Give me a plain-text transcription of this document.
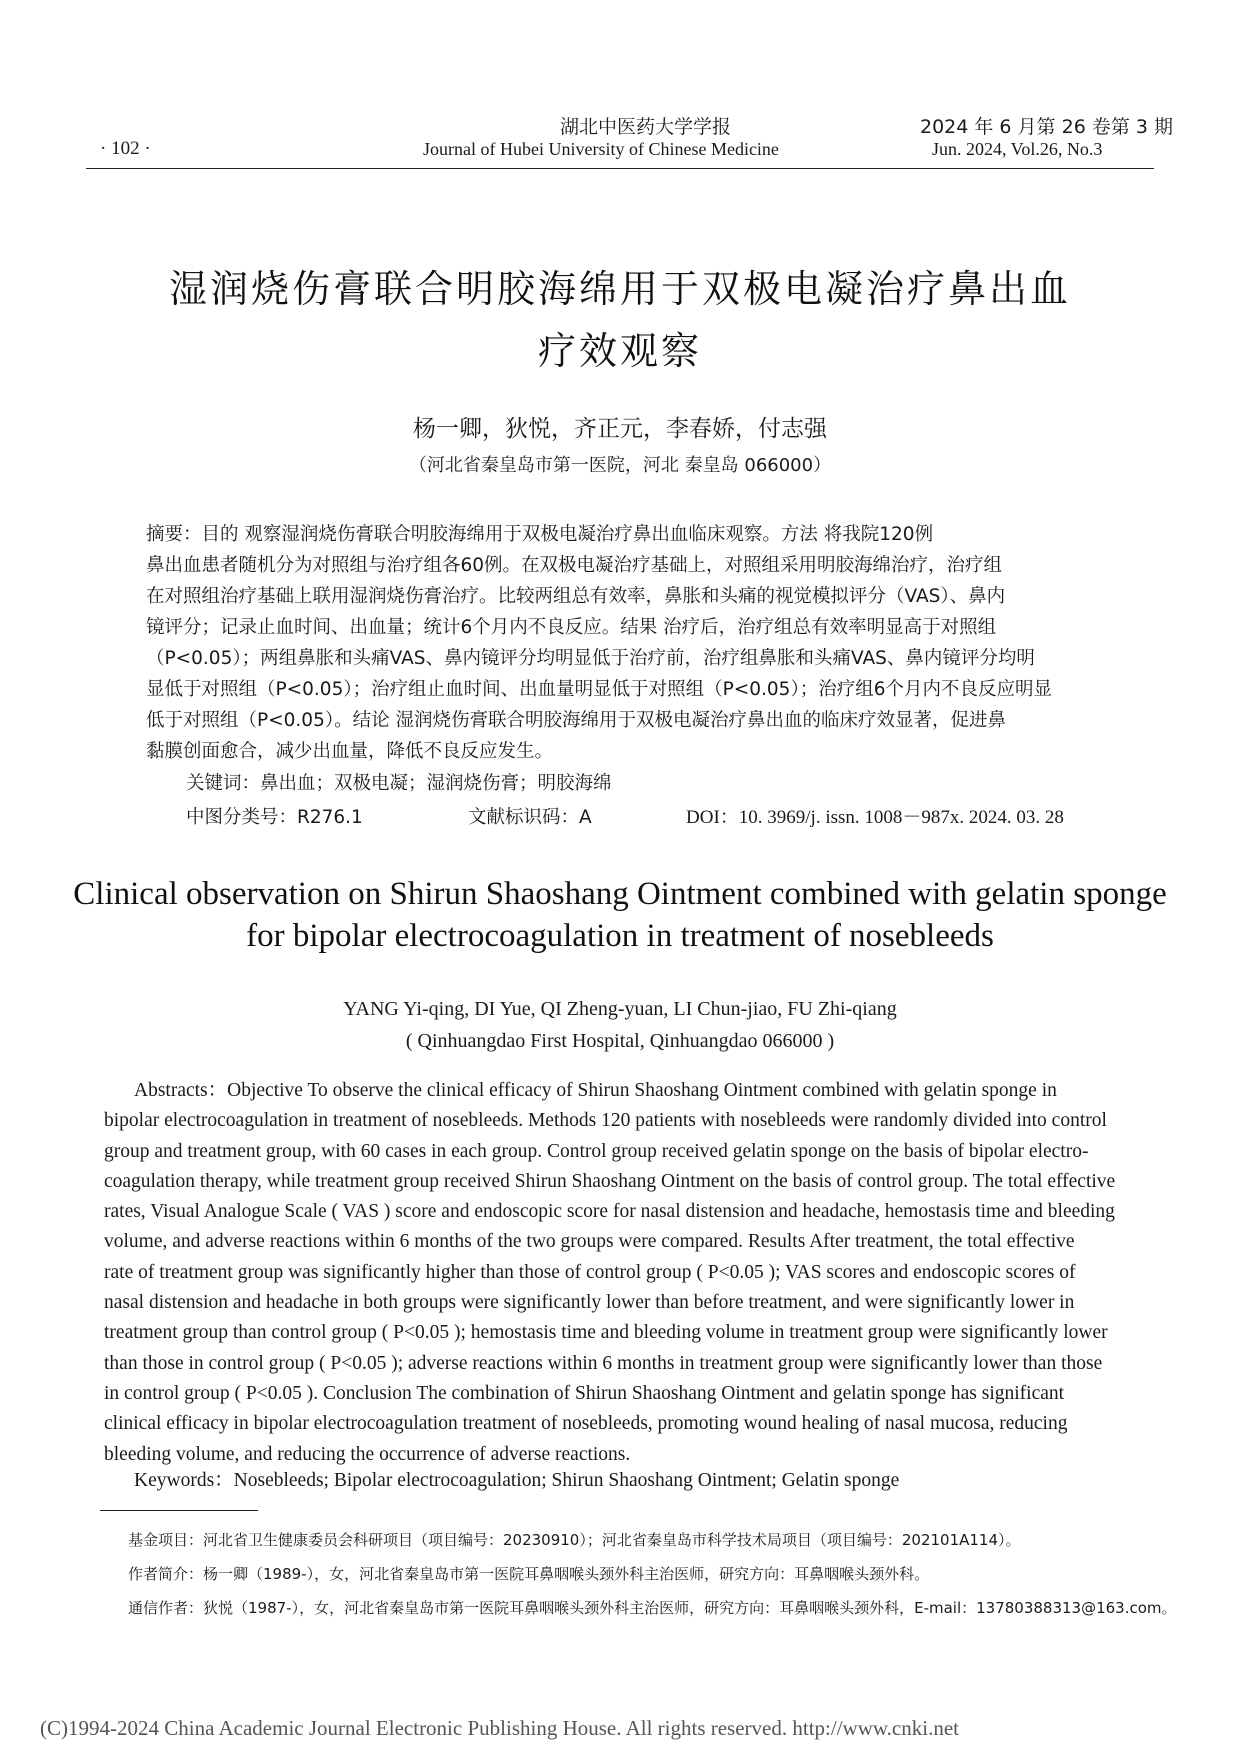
· 102 ·
湖北中医药大学学报
Journal of Hubei University of Chinese Medicine
2024 年 6 月第 26 卷第 3 期
Jun. 2024, Vol.26, No.3
湿润烧伤膏联合明胶海绵用于双极电凝治疗鼻出血
疗效观察
杨一卿，狄悦，齐正元，李春娇，付志强
（河北省秦皇岛市第一医院，河北 秦皇岛 066000）
摘要：目的 观察湿润烧伤膏联合明胶海绵用于双极电凝治疗鼻出血临床观察。方法 将我院120例
鼻出血患者随机分为对照组与治疗组各60例。在双极电凝治疗基础上，对照组采用明胶海绵治疗，治疗组
在对照组治疗基础上联用湿润烧伤膏治疗。比较两组总有效率，鼻胀和头痛的视觉模拟评分（VAS）、鼻内
镜评分；记录止血时间、出血量；统计6个月内不良反应。结果 治疗后，治疗组总有效率明显高于对照组
（P<0.05）；两组鼻胀和头痛VAS、鼻内镜评分均明显低于治疗前，治疗组鼻胀和头痛VAS、鼻内镜评分均明
显低于对照组（P<0.05）；治疗组止血时间、出血量明显低于对照组（P<0.05）；治疗组6个月内不良反应明显
低于对照组（P<0.05）。结论 湿润烧伤膏联合明胶海绵用于双极电凝治疗鼻出血的临床疗效显著，促进鼻
黏膜创面愈合，减少出血量，降低不良反应发生。
关键词：鼻出血；双极电凝；湿润烧伤膏；明胶海绵
中图分类号：R276.1	文献标识码：A	DOI：10. 3969/j. issn. 1008－987x. 2024. 03. 28
Clinical observation on Shirun Shaoshang Ointment combined with gelatin sponge
for bipolar electrocoagulation in treatment of nosebleeds
YANG Yi-qing, DI Yue, QI Zheng-yuan, LI Chun-jiao, FU Zhi-qiang
( Qinhuangdao First Hospital, Qinhuangdao 066000 )
Abstracts：Objective To observe the clinical efficacy of Shirun Shaoshang Ointment combined with gelatin sponge in
bipolar electrocoagulation in treatment of nosebleeds. Methods 120 patients with nosebleeds were randomly divided into control
group and treatment group, with 60 cases in each group. Control group received gelatin sponge on the basis of bipolar electro-
coagulation therapy, while treatment group received Shirun Shaoshang Ointment on the basis of control group. The total effective
rates, Visual Analogue Scale ( VAS ) score and endoscopic score for nasal distension and headache, hemostasis time and bleeding
volume, and adverse reactions within 6 months of the two groups were compared. Results After treatment, the total effective
rate of treatment group was significantly higher than those of control group ( P<0.05 ); VAS scores and endoscopic scores of
nasal distension and headache in both groups were significantly lower than before treatment, and were significantly lower in
treatment group than control group ( P<0.05 ); hemostasis time and bleeding volume in treatment group were significantly lower
than those in control group ( P<0.05 ); adverse reactions within 6 months in treatment group were significantly lower than those
in control group ( P<0.05 ). Conclusion The combination of Shirun Shaoshang Ointment and gelatin sponge has significant
clinical efficacy in bipolar electrocoagulation treatment of nosebleeds, promoting wound healing of nasal mucosa, reducing
bleeding volume, and reducing the occurrence of adverse reactions.
Keywords：Nosebleeds; Bipolar electrocoagulation; Shirun Shaoshang Ointment; Gelatin sponge
基金项目：河北省卫生健康委员会科研项目（项目编号：20230910）；河北省秦皇岛市科学技术局项目（项目编号：202101A114）。
作者简介：杨一卿（1989-），女，河北省秦皇岛市第一医院耳鼻咽喉头颈外科主治医师，研究方向：耳鼻咽喉头颈外科。
通信作者：狄悦（1987-），女，河北省秦皇岛市第一医院耳鼻咽喉头颈外科主治医师，研究方向：耳鼻咽喉头颈外科，E-mail：13780388313@163.com。
(C)1994-2024 China Academic Journal Electronic Publishing House. All rights reserved. http://www.cnki.net
